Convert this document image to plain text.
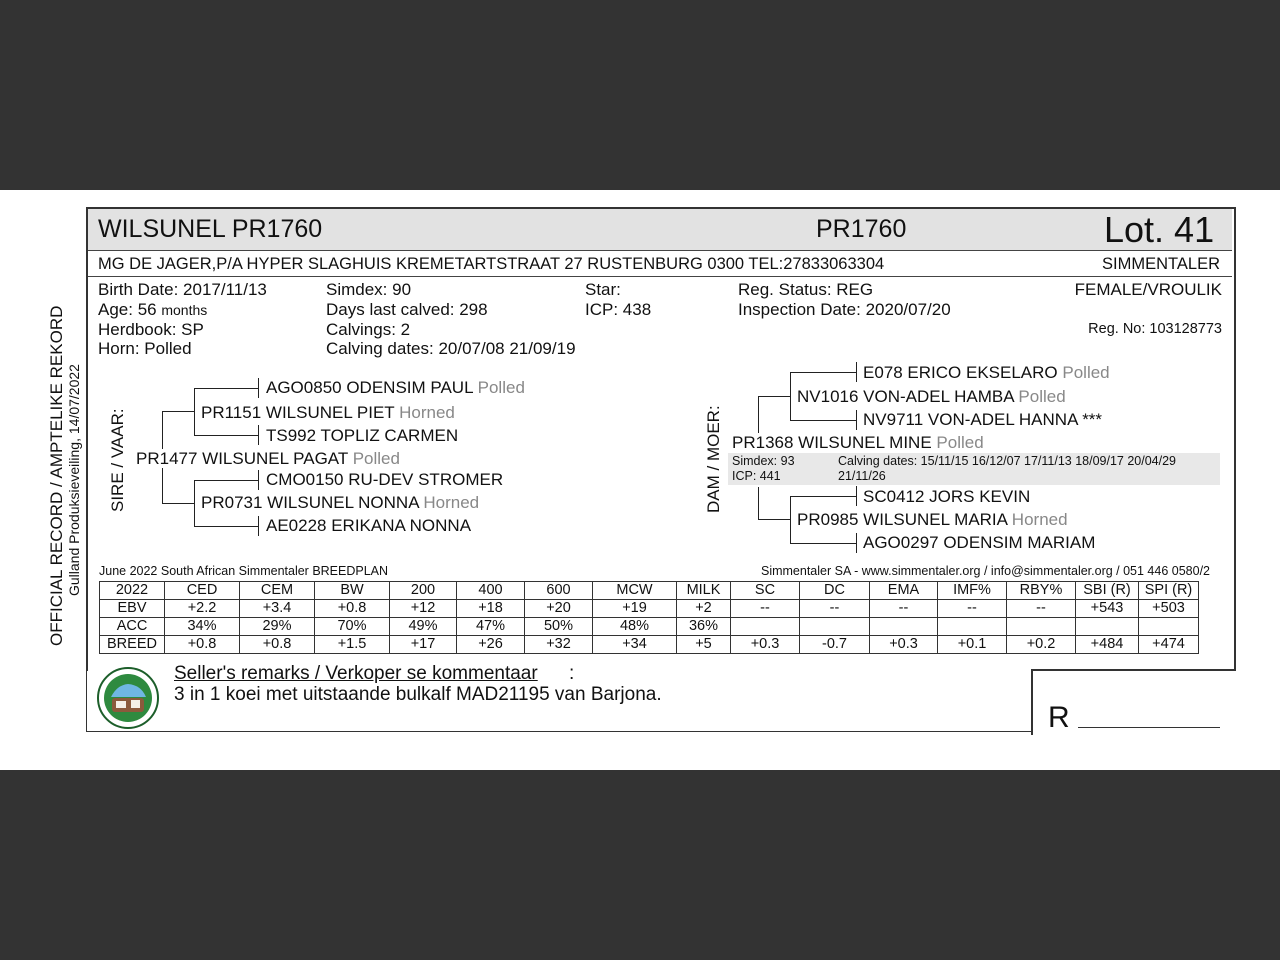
OFFICIAL RECORD / AMPTELIKE REKORD Gulland Produksieveiling, 14/07/2022
WILSUNEL PR1760	PR1760	Lot. 41
MG DE JAGER,P/A HYPER SLAGHUIS KREMETARTSTRAAT 27 RUSTENBURG 0300 TEL:27833063304	SIMMENTALER
Birth Date: 2017/11/13
Age: 56 months
Herdbook: SP
Horn: Polled
Simdex: 90
Days last calved: 298
Calvings: 2
Calving dates: 20/07/08 21/09/19
Star:
ICP: 438
Reg. Status: REG
Inspection Date: 2020/07/20
FEMALE/VROULIK
Reg. No: 103128773
SIRE / VAAR:
AGO0850 ODENSIM PAUL Polled
PR1151 WILSUNEL PIET Horned
TS992 TOPLIZ CARMEN
PR1477 WILSUNEL PAGAT Polled
CMO0150 RU-DEV STROMER
PR0731 WILSUNEL NONNA Horned
AE0228 ERIKANA NONNA
DAM / MOER:
E078 ERICO EKSELARO Polled
NV1016 VON-ADEL HAMBA Polled
NV9711 VON-ADEL HANNA ***
PR1368 WILSUNEL MINE Polled
Simdex: 93
ICP: 441
Calving dates: 15/11/15 16/12/07 17/11/13 18/09/17 20/04/29
21/11/26
SC0412 JORS KEVIN
PR0985 WILSUNEL MARIA Horned
AGO0297 ODENSIM MARIAM
June 2022 South African Simmentaler BREEDPLAN	Simmentaler SA - www.simmentaler.org / info@simmentaler.org / 051 446 0580/2
2022	CED	CEM	BW	200	400	600	MCW	MILK	SC	DC	EMA	IMF%	RBY%	SBI (R)	SPI (R)
EBV	+2.2	+3.4	+0.8	+12	+18	+20	+19	+2	--	--	--	--	--	+543	+503
ACC	34%	29%	70%	49%	47%	50%	48%	36%							
BREED	+0.8	+0.8	+1.5	+17	+26	+32	+34	+5	+0.3	-0.7	+0.3	+0.1	+0.2	+484	+474
Seller's remarks / Verkoper se kommentaar :
3 in 1 koei met uitstaande bulkalf MAD21195 van Barjona.
R
